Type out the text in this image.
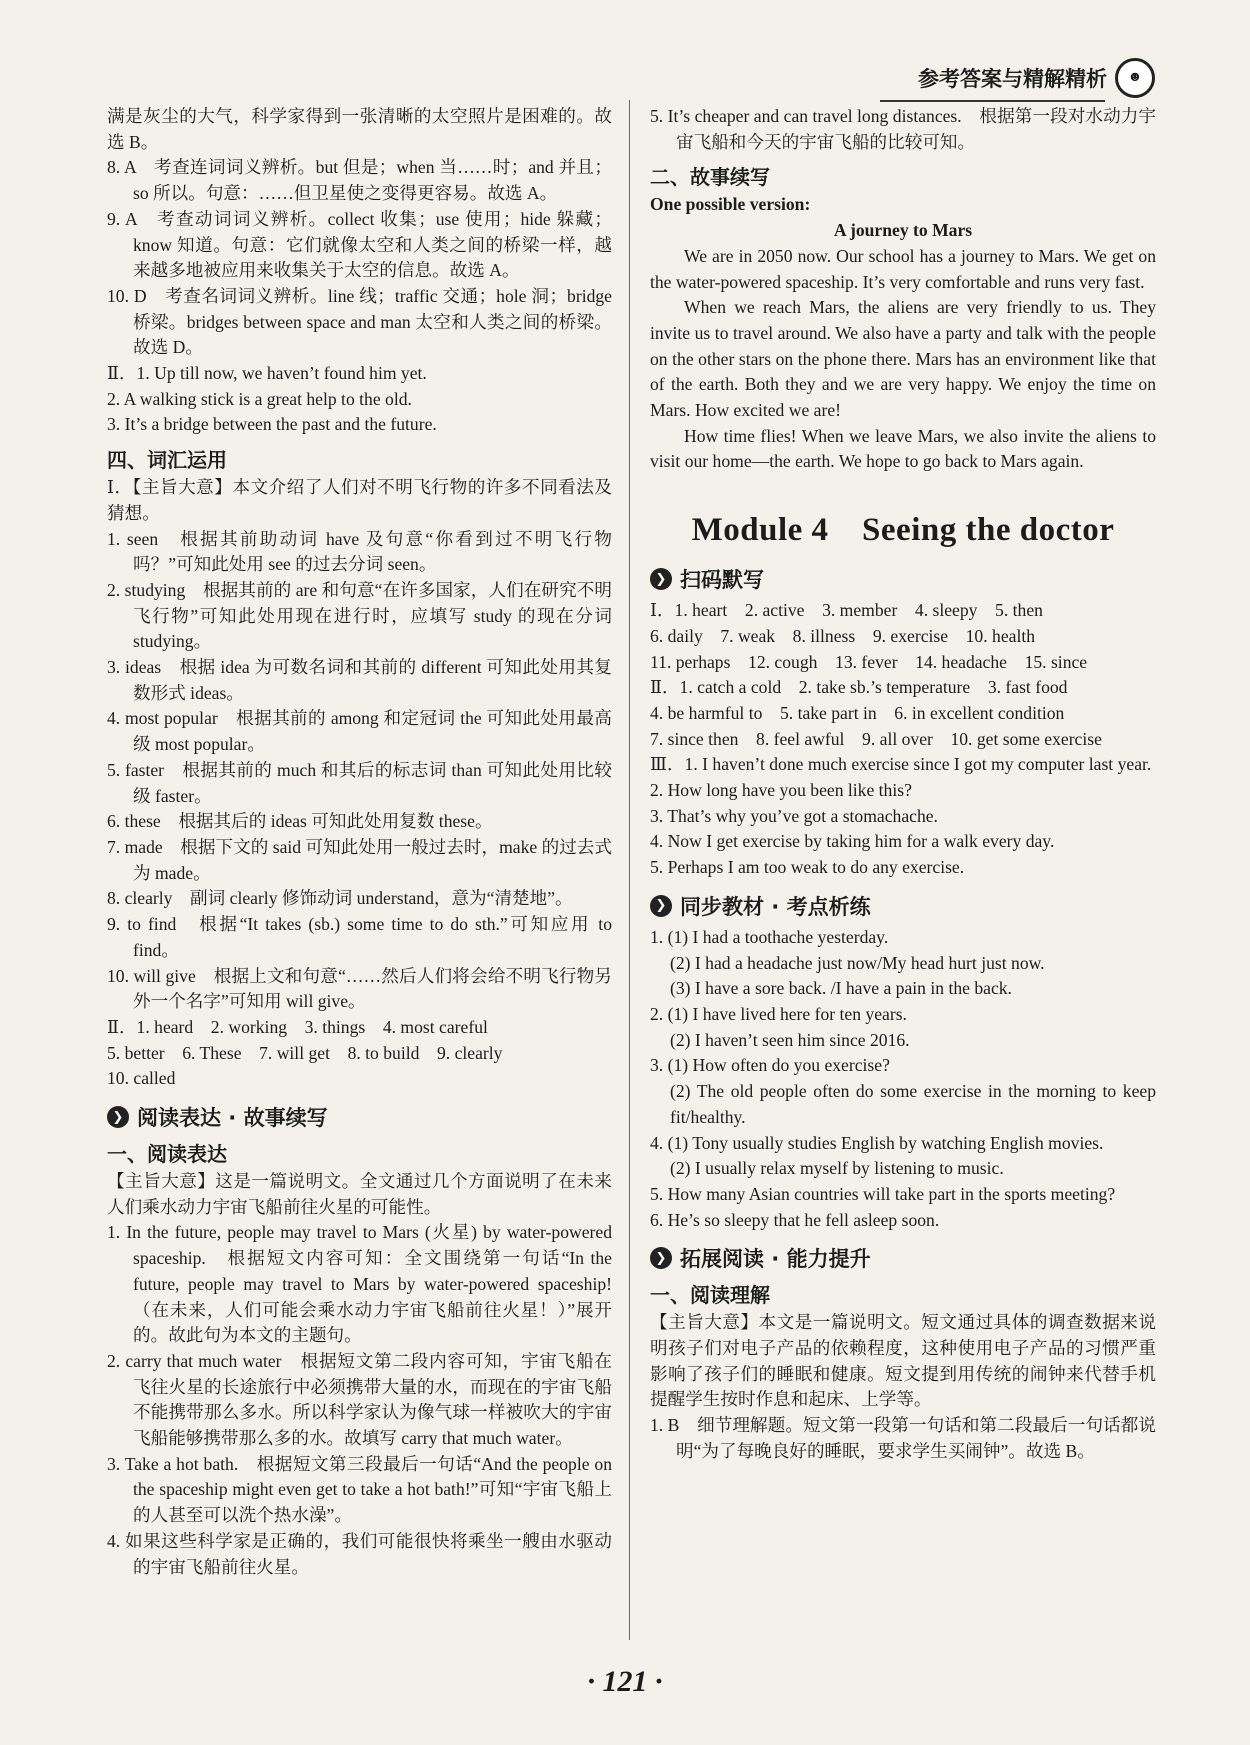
参考答案与精解精析	☻

满是灰尘的大气，科学家得到一张清晰的太空照片是困难的。故选 B。

8. A　考查连词词义辨析。but 但是；when 当……时；and 并且；so 所以。句意：……但卫星使之变得更容易。故选 A。

9. A　考查动词词义辨析。collect 收集；use 使用；hide 躲藏；know 知道。句意：它们就像太空和人类之间的桥梁一样，越来越多地被应用来收集关于太空的信息。故选 A。

10. D　考查名词词义辨析。line 线；traffic 交通；hole 洞；bridge 桥梁。bridges between space and man 太空和人类之间的桥梁。故选 D。

Ⅱ．1. Up till now, we haven’t found him yet.

2. A walking stick is a great help to the old.

3. It’s a bridge between the past and the future.

四、词汇运用

Ⅰ．【主旨大意】本文介绍了人们对不明飞行物的许多不同看法及猜想。

1. seen　根据其前助动词 have 及句意“你看到过不明飞行物吗？”可知此处用 see 的过去分词 seen。

2. studying　根据其前的 are 和句意“在许多国家，人们在研究不明飞行物”可知此处用现在进行时，应填写 study 的现在分词 studying。

3. ideas　根据 idea 为可数名词和其前的 different 可知此处用其复数形式 ideas。

4. most popular　根据其前的 among 和定冠词 the 可知此处用最高级 most popular。

5. faster　根据其前的 much 和其后的标志词 than 可知此处用比较级 faster。

6. these　根据其后的 ideas 可知此处用复数 these。

7. made　根据下文的 said 可知此处用一般过去时，make 的过去式为 made。

8. clearly　副词 clearly 修饰动词 understand，意为“清楚地”。

9. to find　根据“It takes (sb.) some time to do sth.”可知应用 to find。

10. will give　根据上文和句意“……然后人们将会给不明飞行物另外一个名字”可知用 will give。

Ⅱ．1. heard　2. working　3. things　4. most careful

5. better　6. These　7. will get　8. to build　9. clearly

10. called

❯ 阅读表达 · 故事续写
一、阅读表达

【主旨大意】这是一篇说明文。全文通过几个方面说明了在未来人们乘水动力宇宙飞船前往火星的可能性。

1. In the future, people may travel to Mars (火星) by water-powered spaceship.　根据短文内容可知：全文围绕第一句话“In the future, people may travel to Mars by water-powered spaceship!（在未来，人们可能会乘水动力宇宙飞船前往火星！）”展开的。故此句为本文的主题句。

2. carry that much water　根据短文第二段内容可知，宇宙飞船在飞往火星的长途旅行中必须携带大量的水，而现在的宇宙飞船不能携带那么多水。所以科学家认为像气球一样被吹大的宇宙飞船能够携带那么多的水。故填写 carry that much water。

3. Take a hot bath.　根据短文第三段最后一句话“And the people on the spaceship might even get to take a hot bath!”可知“宇宙飞船上的人甚至可以洗个热水澡”。

4. 如果这些科学家是正确的，我们可能很快将乘坐一艘由水驱动的宇宙飞船前往火星。

5. It’s cheaper and can travel long distances.　根据第一段对水动力宇宙飞船和今天的宇宙飞船的比较可知。

二、故事续写

One possible version:

A journey to Mars

We are in 2050 now. Our school has a journey to Mars. We get on the water-powered spaceship. It’s very comfortable and runs very fast.

When we reach Mars, the aliens are very friendly to us. They invite us to travel around. We also have a party and talk with the people on the other stars on the phone there. Mars has an environment like that of the earth. Both they and we are very happy. We enjoy the time on Mars. How excited we are!

How time flies! When we leave Mars, we also invite the aliens to visit our home—the earth. We hope to go back to Mars again.

Module 4　Seeing the doctor
❯ 扫码默写

Ⅰ．1. heart　2. active　3. member　4. sleepy　5. then

6. daily　7. weak　8. illness　9. exercise　10. health

11. perhaps　12. cough　13. fever　14. headache　15. since

Ⅱ．1. catch a cold　2. take sb.’s temperature　3. fast food

4. be harmful to　5. take part in　6. in excellent condition

7. since then　8. feel awful　9. all over　10. get some exercise

Ⅲ．1. I haven’t done much exercise since I got my computer last year.

2. How long have you been like this?

3. That’s why you’ve got a stomachache.

4. Now I get exercise by taking him for a walk every day.

5. Perhaps I am too weak to do any exercise.

❯ 同步教材 · 考点析练

1. (1) I had a toothache yesterday.

(2) I had a headache just now/My head hurt just now.

(3) I have a sore back. /I have a pain in the back.

2. (1) I have lived here for ten years.

(2) I haven’t seen him since 2016.

3. (1) How often do you exercise?

(2) The old people often do some exercise in the morning to keep fit/healthy.

4. (1) Tony usually studies English by watching English movies.

(2) I usually relax myself by listening to music.

5. How many Asian countries will take part in the sports meeting?

6. He’s so sleepy that he fell asleep soon.

❯ 拓展阅读 · 能力提升
一、阅读理解

【主旨大意】本文是一篇说明文。短文通过具体的调查数据来说明孩子们对电子产品的依赖程度，这种使用电子产品的习惯严重影响了孩子们的睡眠和健康。短文提到用传统的闹钟来代替手机提醒学生按时作息和起床、上学等。

1. B　细节理解题。短文第一段第一句话和第二段最后一句话都说明“为了每晚良好的睡眠，要求学生买闹钟”。故选 B。

· 121 ·
